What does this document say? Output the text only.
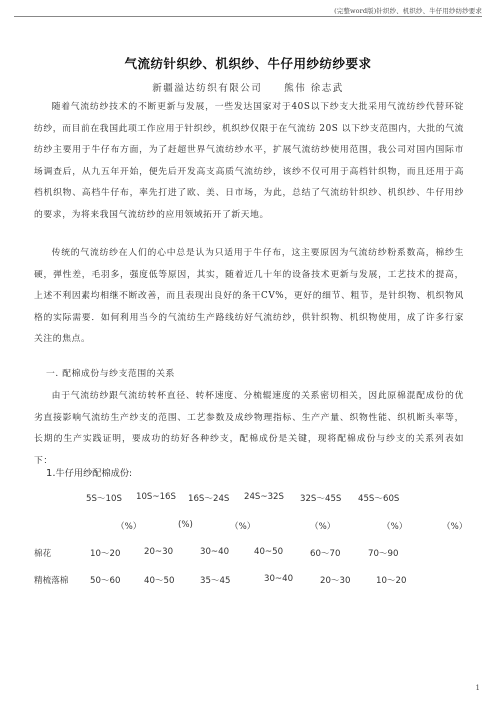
(完整word版)针织纱、机织纱、牛仔用纱纺纱要求
气流纺针织纱、机织纱、牛仔用纱纺纱要求
新疆溢达纺织有限公司 熊伟 徐志武

随着气流纺纱技术的不断更新与发展，一些发达国家对于40S以下纱支大批采用气流纺纱代替环锭纺纱，而目前在我国此项工作应用于针织纱，机织纱仅限于在气流纺 20S 以下纱支范围内，大批的气流纺纱主要用于牛仔布方面，为了赶超世界气流纺纱水平，扩展气流纺纱使用范围，我公司对国内国际市场调查后，从九五年开始，便先后开发高支高质气流纺纱，该纱不仅可用于高档针织物，而且还用于高档机织物、高档牛仔布，率先打进了欧、美、日市场，为此，总结了气流纺针织纱、机织纱、牛仔用纱的要求，为将来我国气流纺纱的应用领域拓开了新天地。

传统的气流纺纱在人们的心中总是认为只适用于牛仔布，这主要原因为气流纺纱粉系数高，棉纱生硬，弹性差，毛羽多，强度低等原因，其实，随着近几十年的设备技术更新与发展，工艺技术的提高，上述不利因素均相继不断改善，而且表现出良好的条干CV%，更好的细节、粗节，是针织物、机织物风格的实际需要．如何利用当今的气流纺生产路线纺好气流纺纱，供针织物、机织物使用，成了许多行家关注的焦点。

一. 配棉成份与纱支范围的关系

由于气流纺纱跟气流纺转杯直径、转杯速度、分梳辊速度的关系密切相关，因此原棉混配成份的优劣直接影响气流纺生产纱支的范围、工艺参数及成纱物理指标、生产产量、织物性能、织机断头率等，长期的生产实践证明，要成功的纺好各种纱支，配棉成份是关键，现将配棉成份与纱支的关系列表如下：

1.牛仔用纱配棉成份:
5S～10S 10S~16S 16S～24S 24S~32S 32S～45S 45S～60S
（%）	(%)	（%）	（%）	（%）	（%）
棉花	10～20	20~30	30~40	40~50	60～70	70～90
精梳落棉	50～60	40～50	35～45	30~40	20～30	10～20
1
